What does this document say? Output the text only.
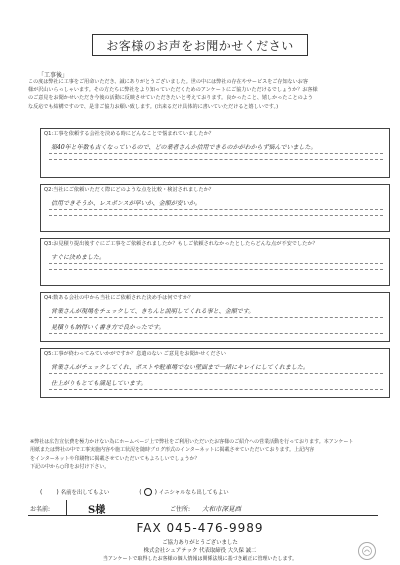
お客様のお声をお聞かせください
「工事後」

この度は弊社に工事をご用命いただき、誠にありがとうございました。世の中には弊社の存在やサービスをご存知ないお客

様が沢山いらっしゃいます。その方たちに弊社をより知っていただくためのアンケートにご協力いただけるでしょうか？お客様

のご意見をお聞かせいただき今後の活動に反映させていただきたいと考えております。良かったこと、嬉しかったことのよう

な反応でも結構ですので、是非ご協力お願い致します。(出来るだけ具体的に書いていただけると嬉しいです。)

Q1:工事を依頼する会社を決める時にどんなことで悩まれていましたか？
築40年と年数も古くなっているので、どの業者さんか信用できるのかがわからず悩んでいました。
Q2:当社にご依頼いただく際にどのような点を比較・検討されましたか？
信用できそうか、レスポンスが早いか、金額が安いか。
Q3:お見積り提出後すぐにご工事をご依頼されましたか？もしご依頼されなかったとしたらどんな点が不安でしたか？
すぐに決めました。
Q4:数ある会社の中から当社にご依頼された決め手は何ですか？
営業さんが現場をチェックして、きちんと説明してくれる事と、金額です。
見積りも納得いく書き方で良かったです。
Q5:工事が終わってみていかがですか？息遣のない ご意見をお聞かせください
営業さんがチェックしてくれ、ポストや駐車場でない壁面まで一緒にキレイにしてくれました。
仕上がりもとても満足しています。

※弊社は広告宣伝費を極力かけない為にホームページ上で弊社をご利用いただいたお客様のご紹介への営業活動を行っております。本アンケート

用紙または弊社の中で工事実施内容や施工状況を随時ブログ形式のインターネットに掲載させていただいております。上記内容

をインターネットや印刷物に掲載させていただいてもよろしいでしょうか？

下記の中から○印をお付け下さい。

( ) 名前を出してもよい	( ○ ) イニシャルなら出してもよい
お名前:	S様	ご住所: 大和市深見西
FAX 045-476-9989
ご協力ありがとうございました
株式会社シェアテック 代表取締役 大久保 誠二
当アンケートで取得したお客様の個人情報は関係法規に基づき厳正に管理いたします。
